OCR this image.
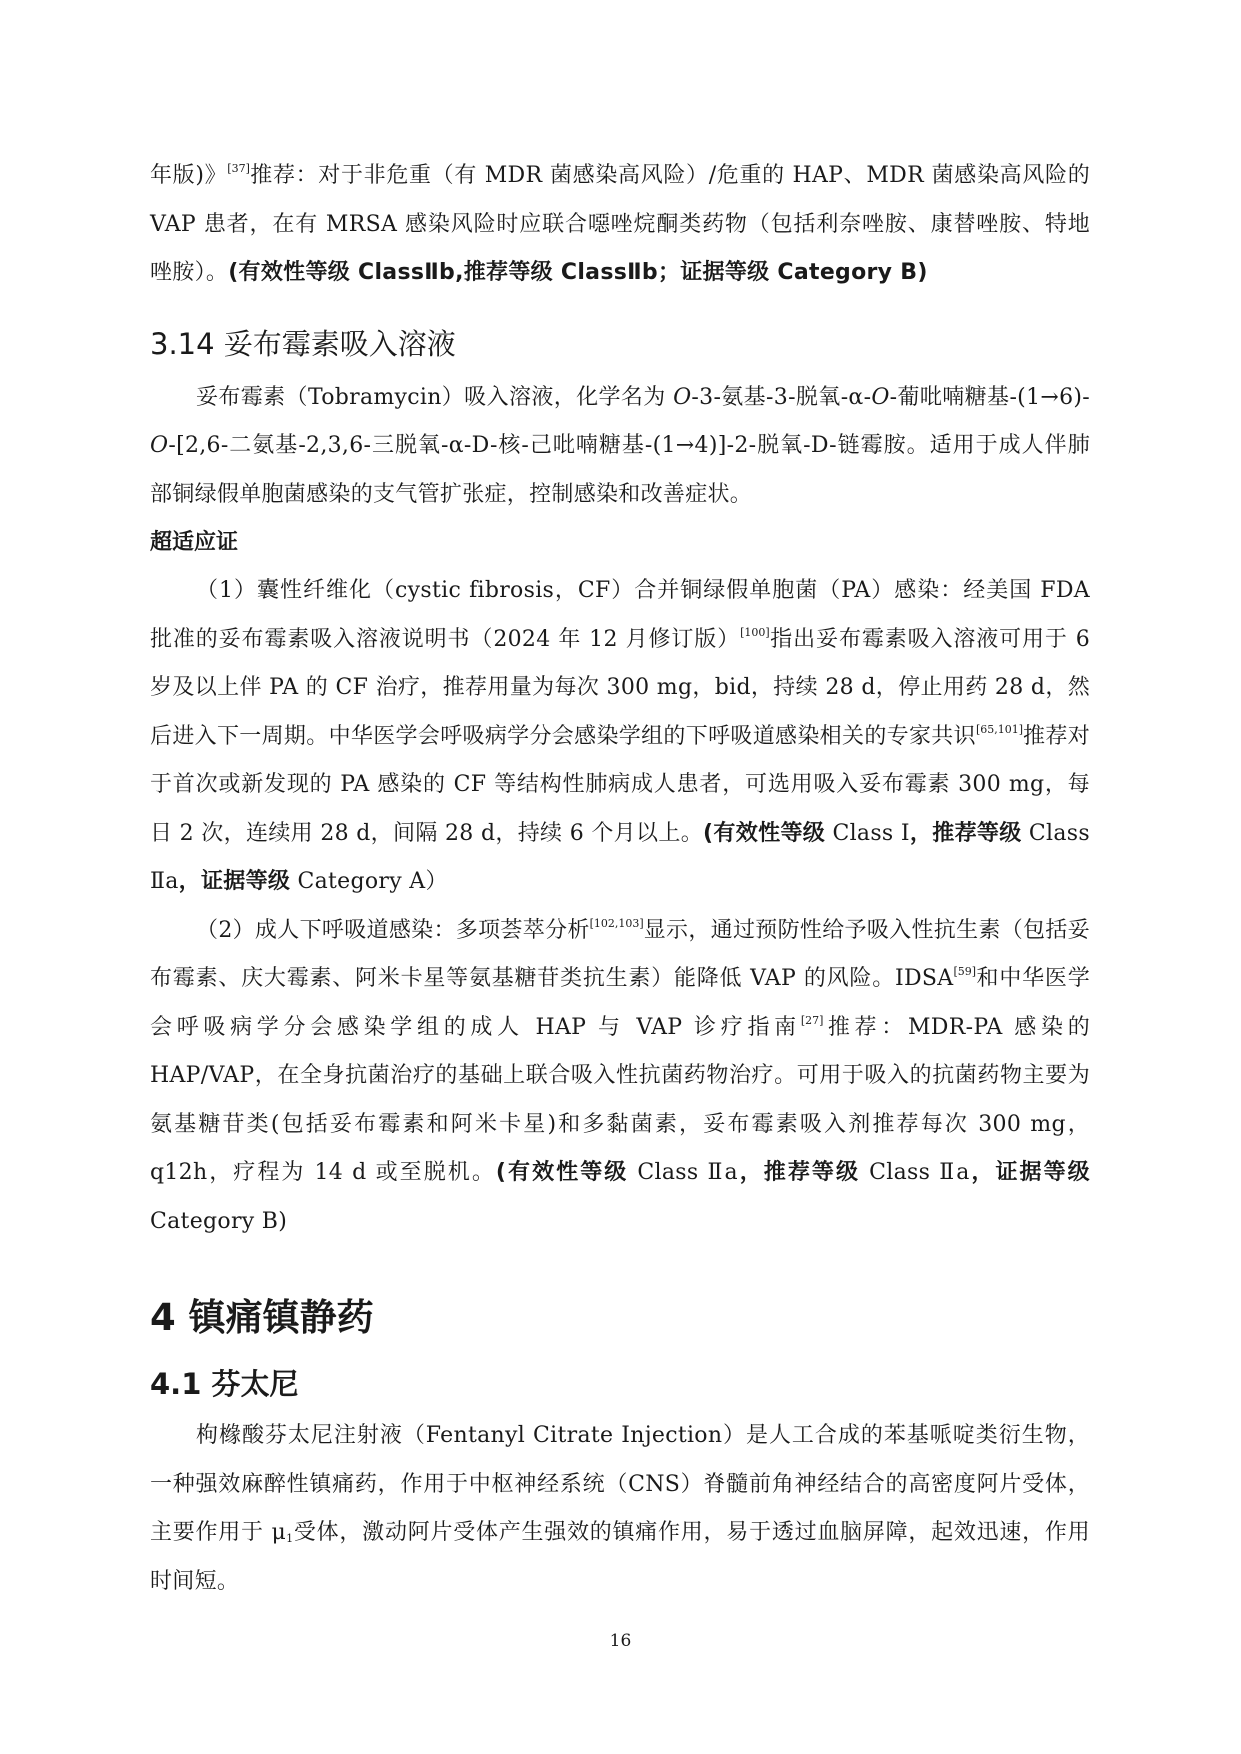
年版)》[37]推荐：对于非危重（有 MDR 菌感染高风险）/危重的 HAP、MDR 菌感染高风险的 VAP 患者，在有 MRSA 感染风险时应联合噁唑烷酮类药物（包括利奈唑胺、康替唑胺、特地唑胺）。(有效性等级 ClassⅡb,推荐等级 ClassⅡb；证据等级 Category B)

3.14 妥布霉素吸入溶液

妥布霉素（Tobramycin）吸入溶液，化学名为 O-3-氨基-3-脱氧-α-O-葡吡喃糖基-(1→6)-O-[2,6-二氨基-2,3,6-三脱氧-α-D-核-己吡喃糖基-(1→4)]-2-脱氧-D-链霉胺。适用于成人伴肺部铜绿假单胞菌感染的支气管扩张症，控制感染和改善症状。

超适应证

（1）囊性纤维化（cystic fibrosis，CF）合并铜绿假单胞菌（PA）感染：经美国 FDA 批准的妥布霉素吸入溶液说明书（2024 年 12 月修订版）[100]指出妥布霉素吸入溶液可用于 6 岁及以上伴 PA 的 CF 治疗，推荐用量为每次 300 mg，bid，持续 28 d，停止用药 28 d，然后进入下一周期。中华医学会呼吸病学分会感染学组的下呼吸道感染相关的专家共识[65,101]推荐对于首次或新发现的 PA 感染的 CF 等结构性肺病成人患者，可选用吸入妥布霉素 300 mg，每日 2 次，连续用 28 d，间隔 28 d，持续 6 个月以上。(有效性等级 Class Ⅰ，推荐等级 Class Ⅱa，证据等级 Category A）

（2）成人下呼吸道感染：多项荟萃分析[102,103]显示，通过预防性给予吸入性抗生素（包括妥布霉素、庆大霉素、阿米卡星等氨基糖苷类抗生素）能降低 VAP 的风险。IDSA[59]和中华医学会呼吸病学分会感染学组的成人 HAP 与 VAP 诊疗指南[27]推荐：MDR-PA 感染的 HAP/VAP，在全身抗菌治疗的基础上联合吸入性抗菌药物治疗。可用于吸入的抗菌药物主要为氨基糖苷类(包括妥布霉素和阿米卡星)和多黏菌素，妥布霉素吸入剂推荐每次 300 mg，q12h，疗程为 14 d 或至脱机。(有效性等级 Class Ⅱa，推荐等级 Class Ⅱa，证据等级 Category B)

4 镇痛镇静药
4.1 芬太尼

枸橼酸芬太尼注射液（Fentanyl Citrate Injection）是人工合成的苯基哌啶类衍生物，一种强效麻醉性镇痛药，作用于中枢神经系统（CNS）脊髓前角神经结合的高密度阿片受体，主要作用于 $\mu_1$受体，激动阿片受体产生强效的镇痛作用，易于透过血脑屏障，起效迅速，作用时间短。

16
